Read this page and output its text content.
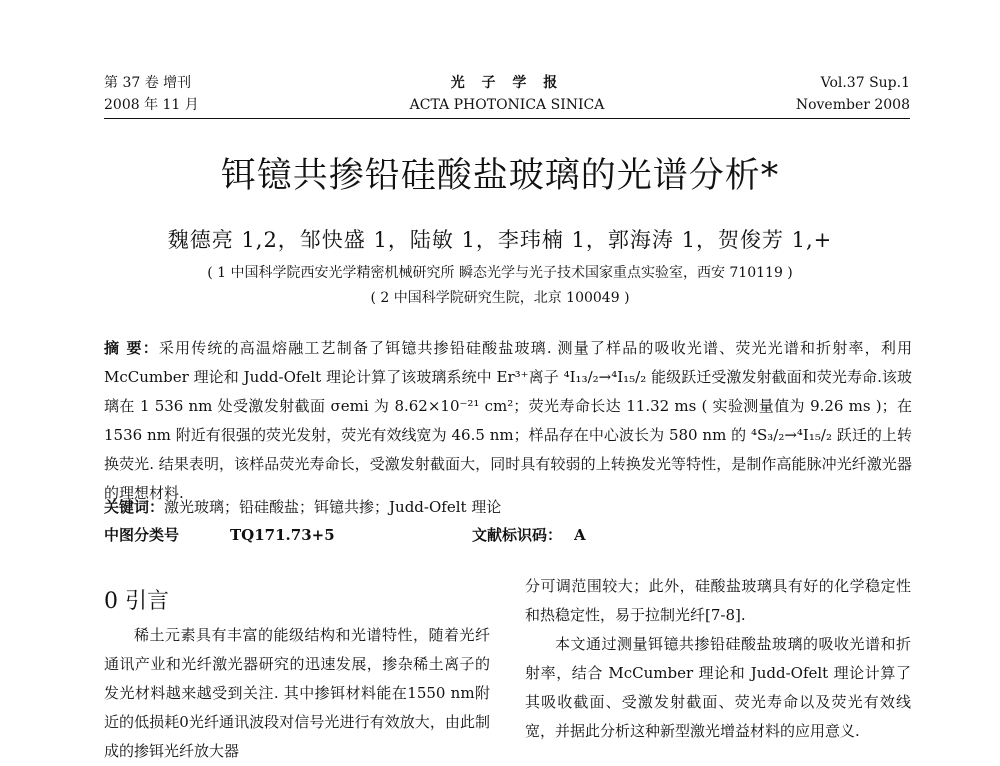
第 37 卷 增刊	光 子 学 报	Vol.37 Sup.1
2008 年 11 月	ACTA PHOTONICA SINICA	November 2008
铒镱共掺铅硅酸盐玻璃的光谱分析*
魏德亮 1,2，邹快盛 1，陆敏 1，李玮楠 1，郭海涛 1，贺俊芳 1,+
( 1 中国科学院西安光学精密机械研究所 瞬态光学与光子技术国家重点实验室，西安 710119 )
( 2 中国科学院研究生院，北京 100049 )
摘 要：采用传统的高温熔融工艺制备了铒镱共掺铅硅酸盐玻璃. 测量了样品的吸收光谱、荧光光谱和折射率，利用 McCumber 理论和 Judd-Ofelt 理论计算了该玻璃系统中 Er³⁺离子 ⁴I₁₃/₂→⁴I₁₅/₂ 能级跃迁受激发射截面和荧光寿命.该玻璃在 1 536 nm 处受激发射截面 σemi 为 8.62×10⁻²¹ cm²；荧光寿命长达 11.32 ms ( 实验测量值为 9.26 ms )；在 1536 nm 附近有很强的荧光发射，荧光有效线宽为 46.5 nm；样品存在中心波长为 580 nm 的 ⁴S₃/₂→⁴I₁₅/₂ 跃迁的上转换荧光. 结果表明，该样品荧光寿命长，受激发射截面大，同时具有较弱的上转换发光等特性，是制作高能脉冲光纤激光器的理想材料.
关键词：激光玻璃；铅硅酸盐；铒镱共掺；Judd-Ofelt 理论
中图分类号	TQ171.73+5	文献标识码： A
0 引言

稀土元素具有丰富的能级结构和光谱特性，随着光纤通讯产业和光纤激光器研究的迅速发展，掺杂稀土离子的发光材料越来越受到关注. 其中掺铒材料能在1550 nm附近的低损耗0光纤通讯波段对信号光进行有效放大，由此制成的掺铒光纤放大器

分可调范围较大；此外，硅酸盐玻璃具有好的化学稳定性和热稳定性，易于拉制光纤[7-8].

本文通过测量铒镱共掺铅硅酸盐玻璃的吸收光谱和折射率，结合 McCumber 理论和 Judd-Ofelt 理论计算了其吸收截面、受激发射截面、荧光寿命以及荧光有效线宽，并据此分析这种新型激光增益材料的应用意义.
